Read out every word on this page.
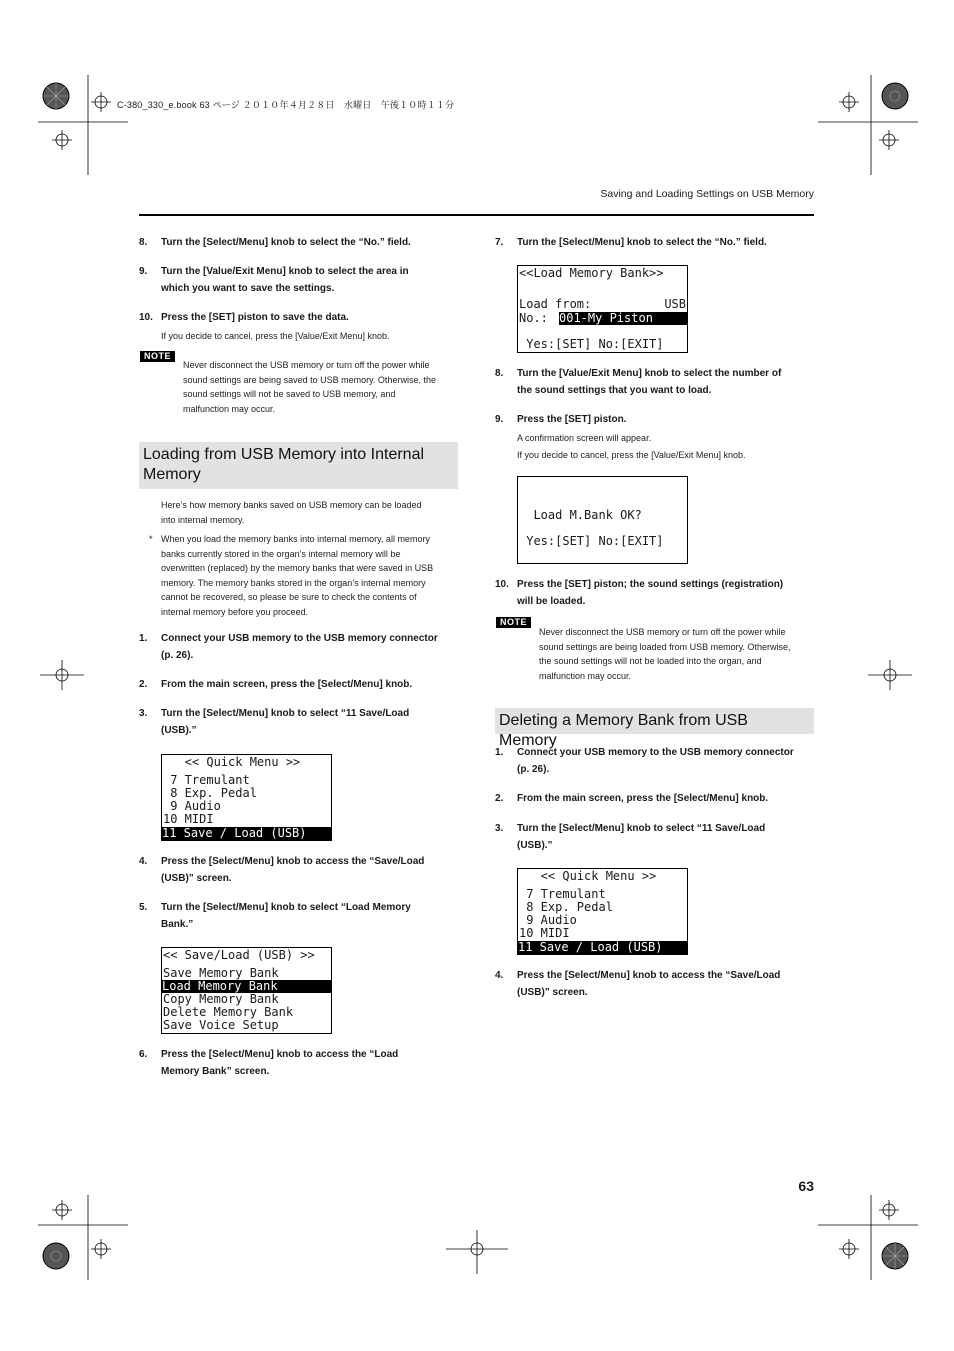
C-380_330_e.book 63 ページ ２０１０年４月２８日　水曜日　午後１０時１１分
Saving and Loading Settings on USB Memory
8. Turn the [Select/Menu] knob to select the “No.” field.
9. Turn the [Value/Exit Menu] knob to select the area in
which you want to save the settings.
10. Press the [SET] piston to save the data.
If you decide to cancel, press the [Value/Exit Menu] knob.
NOTE
Never disconnect the USB memory or turn off the power while
sound settings are being saved to USB memory. Otherwise, the
sound settings will not be saved to USB memory, and
malfunction may occur.
Loading from USB Memory into Internal
Memory
Here’s how memory banks saved on USB memory can be loaded
into internal memory.
* When you load the memory banks into internal memory, all memory
banks currently stored in the organ’s internal memory will be
overwritten (replaced) by the memory banks that were saved in USB
memory. The memory banks stored in the organ’s internal memory
cannot be recovered, so please be sure to check the contents of
internal memory before you proceed.
1. Connect your USB memory to the USB memory connector
(p. 26).
2. From the main screen, press the [Select/Menu] knob.
3. Turn the [Select/Menu] knob to select “11 Save/Load
(USB).”
<< Quick Menu >>
7 Tremulant
8 Exp. Pedal
9 Audio
10 MIDI
11 Save / Load (USB)
4. Press the [Select/Menu] knob to access the “Save/Load
(USB)” screen.
5. Turn the [Select/Menu] knob to select “Load Memory
Bank.”
<< Save/Load (USB) >>
Save Memory Bank
Load Memory Bank
Copy Memory Bank
Delete Memory Bank
Save Voice Setup
6. Press the [Select/Menu] knob to access the “Load
Memory Bank” screen.
7. Turn the [Select/Menu] knob to select the “No.” field.
<<Load Memory Bank>>
Load from:	USB
No.: 001-My Piston
Yes:[SET] No:[EXIT]
8. Turn the [Value/Exit Menu] knob to select the number of
the sound settings that you want to load.
9. Press the [SET] piston.
A confirmation screen will appear.
If you decide to cancel, press the [Value/Exit Menu] knob.
Load M.Bank OK?
Yes:[SET] No:[EXIT]
10. Press the [SET] piston; the sound settings (registration)
will be loaded.
NOTE
Never disconnect the USB memory or turn off the power while
sound settings are being loaded from USB memory. Otherwise,
the sound settings will not be loaded into the organ, and
malfunction may occur.
Deleting a Memory Bank from USB Memory
1. Connect your USB memory to the USB memory connector
(p. 26).
2. From the main screen, press the [Select/Menu] knob.
3. Turn the [Select/Menu] knob to select “11 Save/Load
(USB).”
<< Quick Menu >>
7 Tremulant
8 Exp. Pedal
9 Audio
10 MIDI
11 Save / Load (USB)
4. Press the [Select/Menu] knob to access the “Save/Load
(USB)” screen.
63
